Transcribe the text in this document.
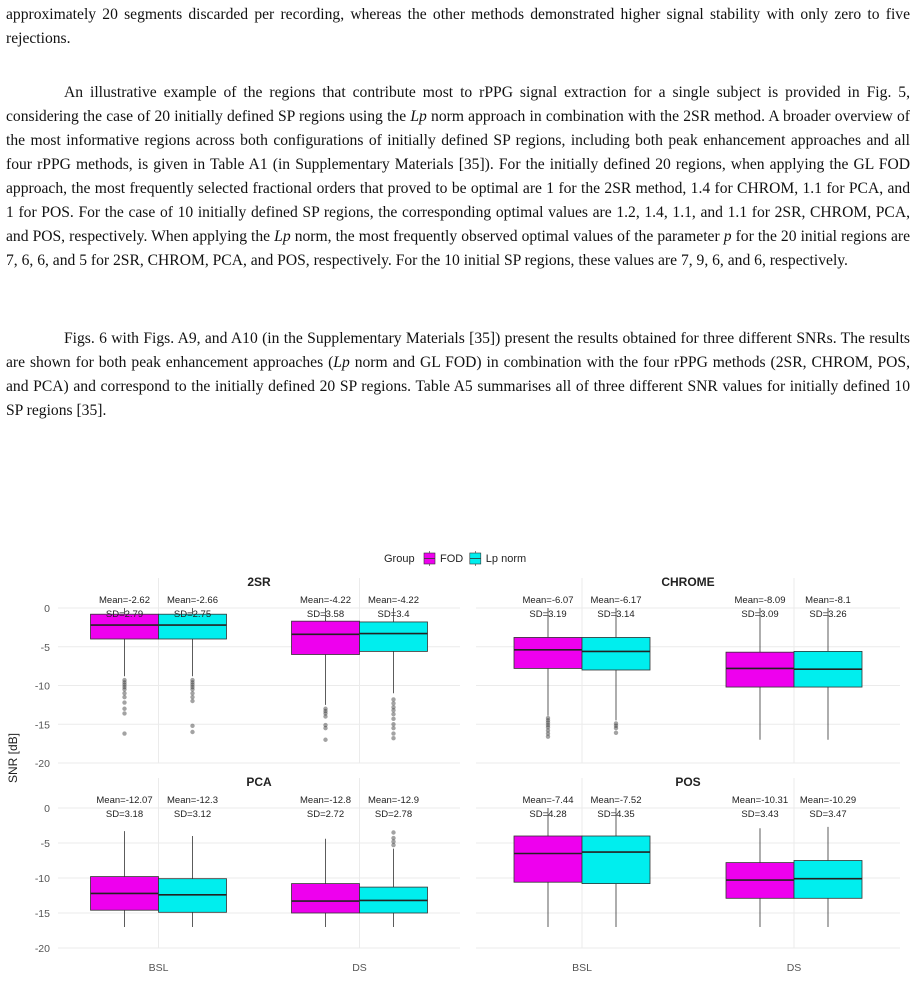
approximately 20 segments discarded per recording, whereas the other methods demonstrated higher signal stability with only zero to five rejections.

An illustrative example of the regions that contribute most to rPPG signal extraction for a single subject is provided in Fig. 5, considering the case of 20 initially defined SP regions using the Lp norm approach in combination with the 2SR method. A broader overview of the most informative regions across both configurations of initially defined SP regions, including both peak enhancement approaches and all four rPPG methods, is given in Table A1 (in Supplementary Materials [35]). For the initially defined 20 regions, when applying the GL FOD approach, the most frequently selected fractional orders that proved to be optimal are 1 for the 2SR method, 1.4 for CHROM, 1.1 for PCA, and 1 for POS. For the case of 10 initially defined SP regions, the corresponding optimal values are 1.2, 1.4, 1.1, and 1.1 for 2SR, CHROM, PCA, and POS, respectively. When applying the Lp norm, the most frequently observed optimal values of the parameter p for the 20 initial regions are 7, 6, 6, and 5 for 2SR, CHROM, PCA, and POS, respectively. For the 10 initial SP regions, these values are 7, 9, 6, and 6, respectively.

Figs. 6 with Figs. A9, and A10 (in the Supplementary Materials [35]) present the results obtained for three different SNRs. The results are shown for both peak enhancement approaches (Lp norm and GL FOD) in combination with the four rPPG methods (2SR, CHROM, POS, and PCA) and correspond to the initially defined 20 SP regions. Table A5 summarises all of three different SNR values for initially defined 10 SP regions [35].

Group FOD Lp norm
SNR [dB]
0
-5
-10
-15
-20
2SR
Mean=-2.62
SD=2.79
Mean=-2.66
SD=2.75
Mean=-4.22
SD=3.58
Mean=-4.22
SD=3.4
CHROME
Mean=-6.07
SD=3.19
Mean=-6.17
SD=3.14
Mean=-8.09
SD=3.09
Mean=-8.1
SD=3.26
0
-5
-10
-15
-20
PCA
Mean=-12.07
SD=3.18
Mean=-12.3
SD=3.12
Mean=-12.8
SD=2.72
Mean=-12.9
SD=2.78
BSL	DS
POS
Mean=-7.44
SD=4.28
Mean=-7.52
SD=4.35
Mean=-10.31
SD=3.43
Mean=-10.29
SD=3.47
BSL	DS
